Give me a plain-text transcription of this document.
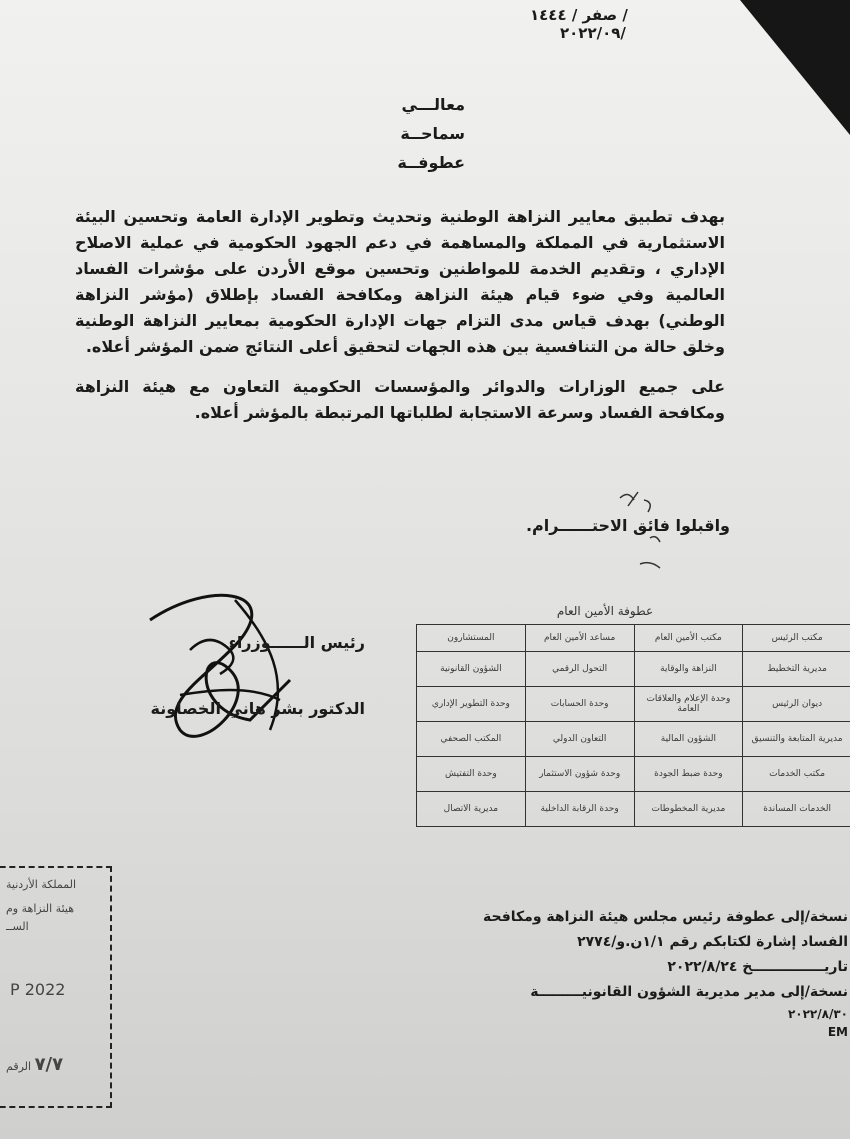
/ صفر / ١٤٤٤
٢٠٢٢/٠٩/
معالـــي
سماحــة
عطوفــة

بهدف تطبيق معايير النزاهة الوطنية وتحديث وتطوير الإدارة العامة وتحسين البيئة الاستثمارية في المملكة والمساهمة في دعم الجهود الحكومية في عملية الاصلاح الإداري ، وتقديم الخدمة للمواطنين وتحسين موقع الأردن على مؤشرات الفساد العالمية وفي ضوء قيام هيئة النزاهة ومكافحة الفساد بإطلاق (مؤشر النزاهة الوطني) بهدف قياس مدى التزام جهات الإدارة الحكومية بمعايير النزاهة الوطنية وخلق حالة من التنافسية بين هذه الجهات لتحقيق أعلى النتائج ضمن المؤشر أعلاه.

على جميع الوزارات والدوائر والمؤسسات الحكومية التعاون مع هيئة النزاهة ومكافحة الفساد وسرعة الاستجابة لطلباتها المرتبطة بالمؤشر أعلاه.

واقبلوا فائق الاحتــــــرام.
رئيس الــــــوزراء
الدكتور بشر هاني الخصاونة
عطوفة الأمين العام
مكتب الرئيس	مكتب الأمين العام	مساعد الأمين العام	المستشارون
مديرية التخطيط	النزاهة والوقاية	التحول الرقمي	الشؤون القانونية
ديوان الرئيس	وحدة الإعلام والعلاقات العامة	وحدة الحسابات	وحدة التطوير الإداري
مديرية المتابعة والتنسيق	الشؤون المالية	التعاون الدولي	المكتب الصحفي
مكتب الخدمات	وحدة ضبط الجودة	وحدة شؤون الاستثمار	وحدة التفتيش
الخدمات المساندة	مديرية المخطوطات	وحدة الرقابة الداخلية	مديرية الاتصال
المملكة الأردنية
هيئة النزاهة وم
الســ
P 2022
٧/٧ الرقم
نسخة/إلى عطوفة رئيس مجلس هيئة النزاهة ومكافحة
الفساد إشارة لكتابكم رقم ١/١ن.و/٢٧٧٤
تاريـــــــــــــــخ ٢٠٢٢/٨/٢٤
نسخة/إلى مدير مديرية الشؤون القانونيـــــــــة
٢٠٢٢/٨/٣٠
EM
